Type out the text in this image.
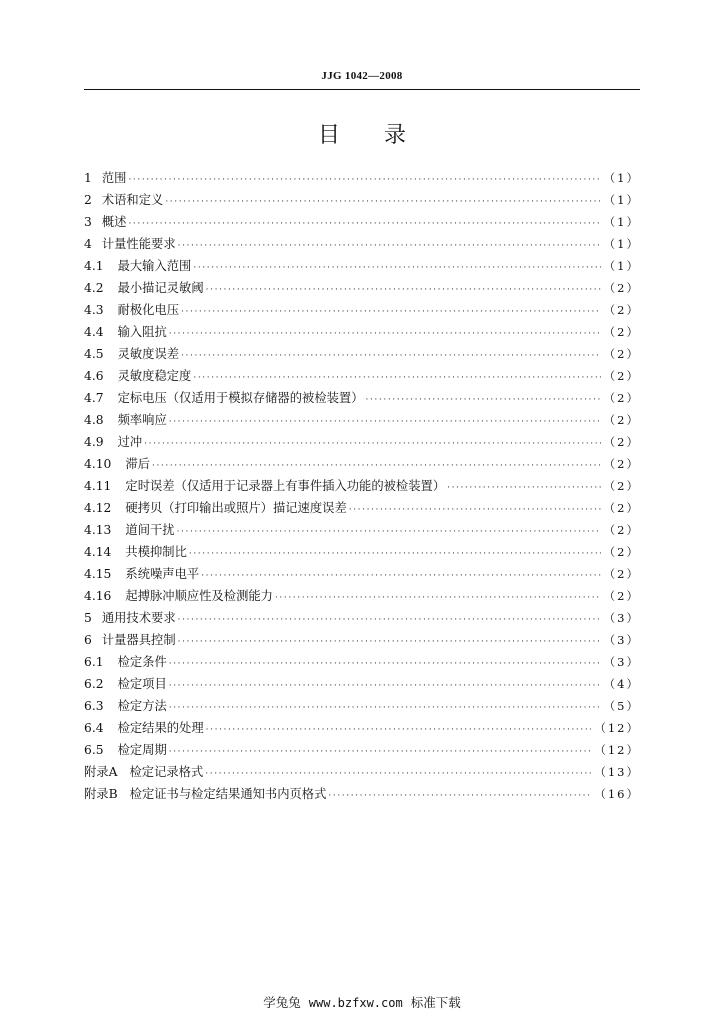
JJG 1042—2008
目录
1 范围 ·····	（1）
2 术语和定义 ·····	（1）
3 概述 ·····	（1）
4 计量性能要求 ·····	（1）
4.1 最大输入范围 ·····	（1）
4.2 最小描记灵敏阈 ·····	（2）
4.3 耐极化电压 ·····	（2）
4.4 输入阻抗 ·····	（2）
4.5 灵敏度误差 ·····	（2）
4.6 灵敏度稳定度 ·····	（2）
4.7 定标电压（仅适用于模拟存储器的被检装置） ·····	（2）
4.8 频率响应 ·····	（2）
4.9 过冲 ·····	（2）
4.10 滞后 ·····	（2）
4.11 定时误差（仅适用于记录器上有事件插入功能的被检装置） ·····	（2）
4.12 硬拷贝（打印输出或照片）描记速度误差 ·····	（2）
4.13 道间干扰 ·····	（2）
4.14 共模抑制比 ·····	（2）
4.15 系统噪声电平 ·····	（2）
4.16 起搏脉冲顺应性及检测能力 ·····	（2）
5 通用技术要求 ·····	（3）
6 计量器具控制 ·····	（3）
6.1 检定条件 ·····	（3）
6.2 检定项目 ·····	（4）
6.3 检定方法 ·····	（5）
6.4 检定结果的处理 ·····	（12）
6.5 检定周期 ·····	（12）
附录A 检定记录格式 ·····	（13）
附录B 检定证书与检定结果通知书内页格式 ·····	（16）
学兔兔 www.bzfxw.com 标准下载
